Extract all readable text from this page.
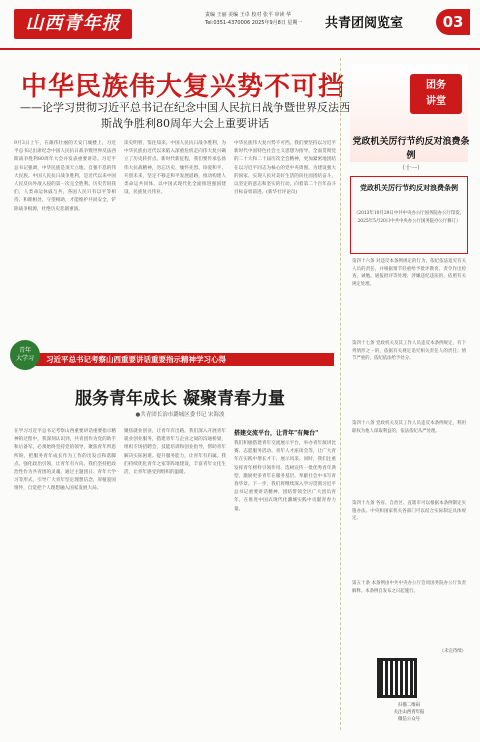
山西青年报	责编 王丽 美编 王卓 校对 张平 审读 华
Tel:0351-4370006 2025年9月8日 星期一	共青团阅览室	03
中华民族伟大复兴势不可挡
——论学习贯彻习近平总书记在纪念中国人民抗日战争暨世界反法西斯战争胜利80周年大会上重要讲话
9月3日上午，在雄伟壮丽的天安门城楼上，习近平总书记出席纪念中国人民抗日战争暨世界反法西斯战争胜利80周年大会并发表重要讲话。习近平总书记强调，中华民族是顶天立地、自强不息的伟大民族。中国人民抗日战争胜利，是近代以来中国人民反抗外敌入侵的第一次完全胜利。历史告诉我们，人类命运休戚与共，各国人民只有以平等相待、和睦相处、守望相助，才能维护共同安全，铲除战争根源，杜绝历史悲剧重演。
读史明智，鉴往知来。中国人民抗日战争胜利，为中华民族由近代以来陷入深重危机走向伟大复兴确立了历史转折点。新时代新征程，我们要传承弘扬伟大抗战精神，勿忘历史、缅怀先烈、珍爱和平、开创未来，坚定不移走和平发展道路，推动构建人类命运共同体，以中国式现代化全面推进强国建设、民族复兴伟业。
中华民族伟大复兴势不可挡。我们要坚持以习近平新时代中国特色社会主义思想为指导，全面贯彻党的二十大和二十届历次全会精神，更加紧密地团结在以习近平同志为核心的党中央周围，为建设强大的国家、实现人民对美好生活的向往而团结奋斗，以坚定的意志和坚实的行动，向着第二个百年奋斗目标奋勇前进。(新华社评论员)
团务
讲堂
党政机关厉行节约反对浪费条例
（十一）
党政机关厉行节约反对浪费条例
（2013年10月29日中共中央办公厅国务院办公厅印发，2025年5月20日中共中央办公厅国务院办公厅修订）
第四十六条 对违反本条例规定的行为，依纪依法追究有关人员的责任，并根据情节轻重给予批评教育、责令作出检查、诫勉、通报批评等处理；涉嫌违纪违法的，依照有关规定处理。
第四十七条 党政机关及其工作人员违反本条例规定，有下列情形之一的，依据有关规定追究相关责任人的责任；情节严重的，依纪依法给予处分。
第四十八条 党政机关及其工作人员违反本条例规定，利用职权为他人谋取利益的，依法依纪从严处理。
第四十九条 各省、自治区、直辖市可以根据本条例制定实施办法。中央和国家机关各部门可以结合实际制定具体规定。
第五十条 本条例由中共中央办公厅会同国务院办公厅负责解释。本条例自发布之日起施行。
（未完待续）
扫描二维码
关注山西青年报
微信公众号
青年
大学习	习近平总书记考察山西重要讲话重要指示精神学习心得
服务青年成长 凝聚青春力量
●共青团长治市潞城区委书记 宋海波
在学习习近平总书记考察山西重要讲话重要指示精神的过程中，我深刻认识到，共青团作为党的助手和后备军，必须始终坚持党的领导，聚焦青年所思所盼，把服务青年成长作为工作的出发点和落脚点。强化政治引领，让青年有方向。我们坚持把政治性作为共青团的灵魂，通过主题团日、青年大学习等形式，引导广大青年坚定理想信念，厚植爱国情怀，自觉把个人理想融入国家发展大局。
聚焦就业创业，让青年有出路。我们深入开展青年就业创业服务，搭建青年与企业之间的沟通桥梁，组织专场招聘会、技能培训和创业指导，帮助青年解决实际困难。提升服务能力，让青年有归属。我们持续优化青年之家等阵地建设，丰富青年文化生活，让青年感受到组织的温暖。
搭建交流平台，让青年"有舞台"
我们积极搭建青年交流展示平台，举办青年演讲比赛、志愿服务活动、青年人才座谈会等，让广大青年在实践中增长才干、展示风采。同时，我们注重发挥青年榜样引领作用，选树宣传一批优秀青年典型，激励更多青年在服务基层、奉献社会中书写青春华章。下一步，我们将继续深入学习贯彻习近平总书记重要讲话精神，团结带领全区广大团员青年，在推进中国式现代化潞城实践中贡献青春力量。
